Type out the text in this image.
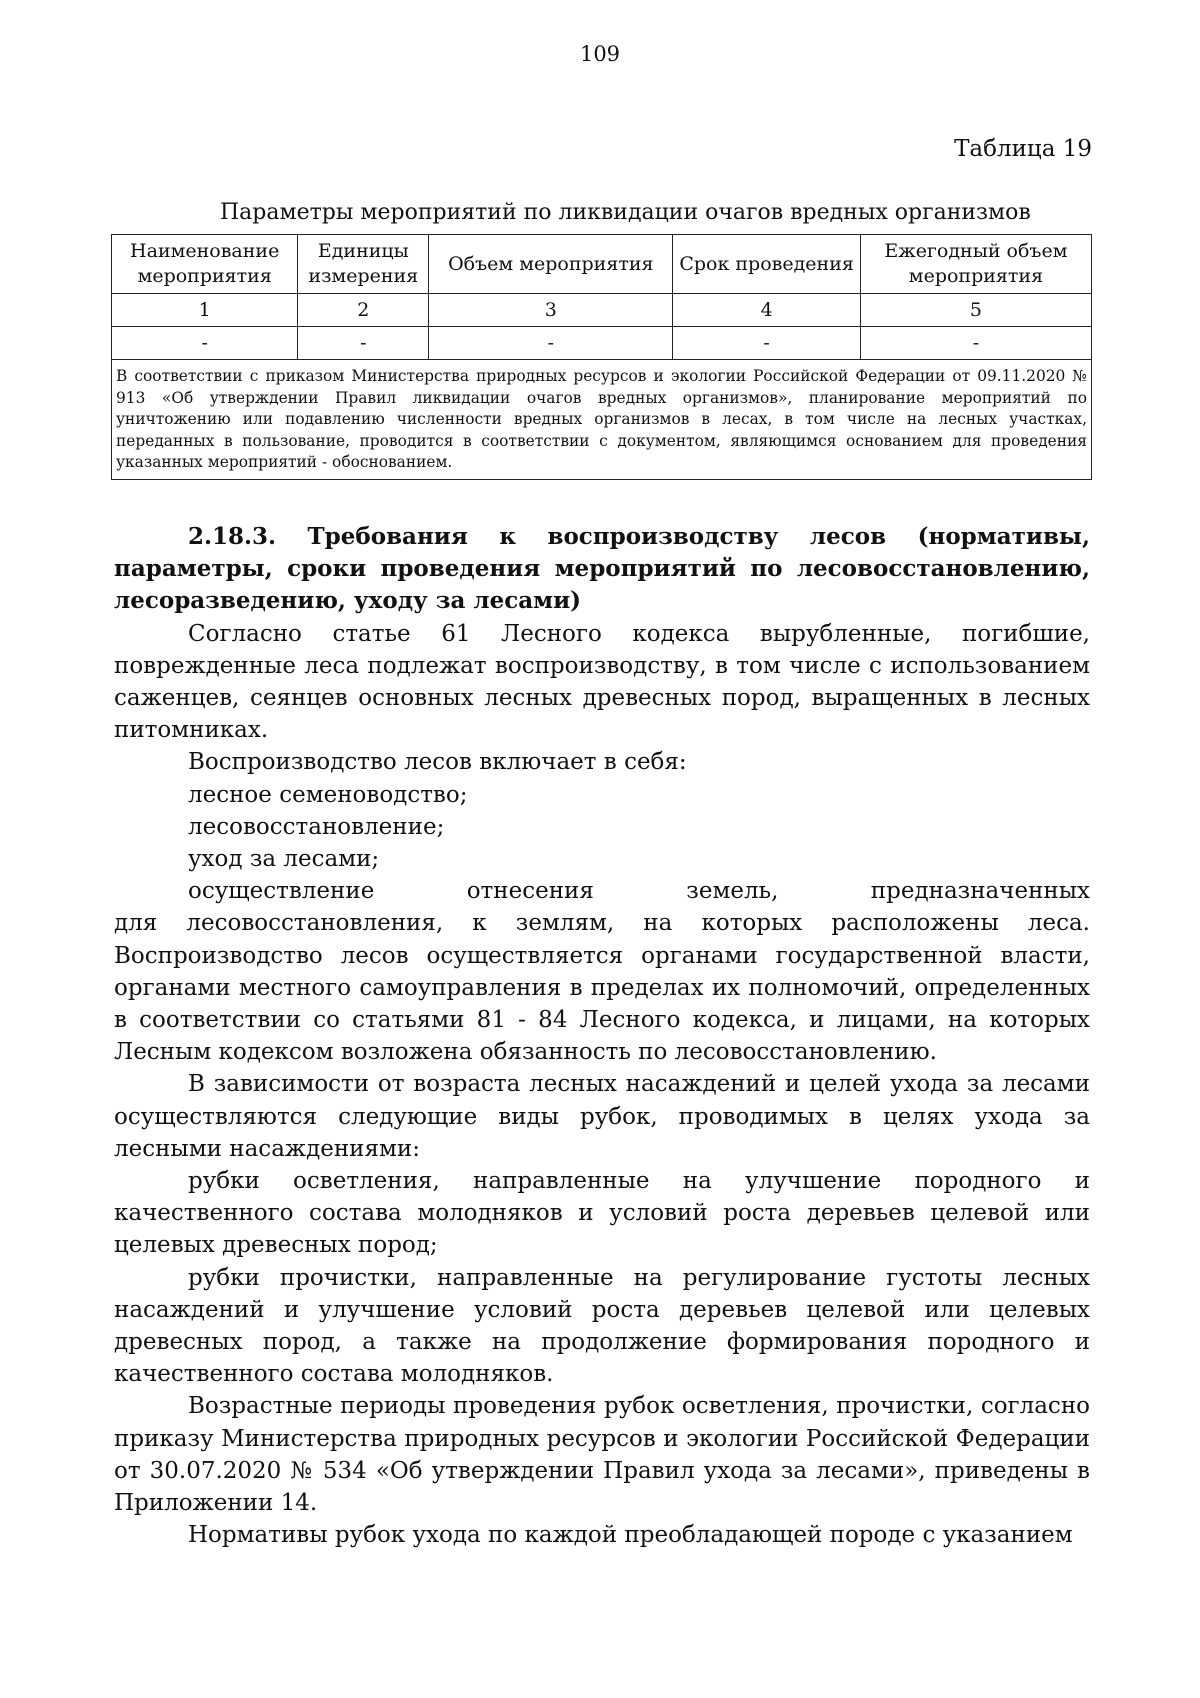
109
Таблица 19
Параметры мероприятий по ликвидации очагов вредных организмов
Наименование мероприятия	Единицы измерения	Объем мероприятия	Срок проведения	Ежегодный объем мероприятия
1	2	3	4	5
-	-	-	-	-
В соответствии с приказом Министерства природных ресурсов и экологии Российской Федерации от 09.11.2020 № 913 «Об утверждении Правил ликвидации очагов вредных организмов», планирование мероприятий по уничтожению или подавлению численности вредных организмов в лесах, в том числе на лесных участках, переданных в пользование, проводится в соответствии с документом, являющимся основанием для проведения указанных мероприятий - обоснованием.				

2.18.3. Требования к воспроизводству лесов (нормативы, параметры, сроки проведения мероприятий по лесовосстановлению, лесоразведению, уходу за лесами)

Согласно статье 61 Лесного кодекса вырубленные, погибшие, поврежденные леса подлежат воспроизводству, в том числе с использованием саженцев, сеянцев основных лесных древесных пород, выращенных в лесных питомниках.

Воспроизводство лесов включает в себя:

лесное семеноводство;

лесовосстановление;

уход за лесами;

осуществление отнесения земель, предназначенных

для лесовосстановления, к землям, на которых расположены леса. Воспроизводство лесов осуществляется органами государственной власти, органами местного самоуправления в пределах их полномочий, определенных в соответствии со статьями 81 - 84 Лесного кодекса, и лицами, на которых Лесным кодексом возложена обязанность по лесовосстановлению.

В зависимости от возраста лесных насаждений и целей ухода за лесами осуществляются следующие виды рубок, проводимых в целях ухода за лесными насаждениями:

рубки осветления, направленные на улучшение породного и качественного состава молодняков и условий роста деревьев целевой или целевых древесных пород;

рубки прочистки, направленные на регулирование густоты лесных насаждений и улучшение условий роста деревьев целевой или целевых древесных пород, а также на продолжение формирования породного и качественного состава молодняков.

Возрастные периоды проведения рубок осветления, прочистки, согласно приказу Министерства природных ресурсов и экологии Российской Федерации от 30.07.2020 № 534 «Об утверждении Правил ухода за лесами», приведены в Приложении 14.

Нормативы рубок ухода по каждой преобладающей породе с указанием
